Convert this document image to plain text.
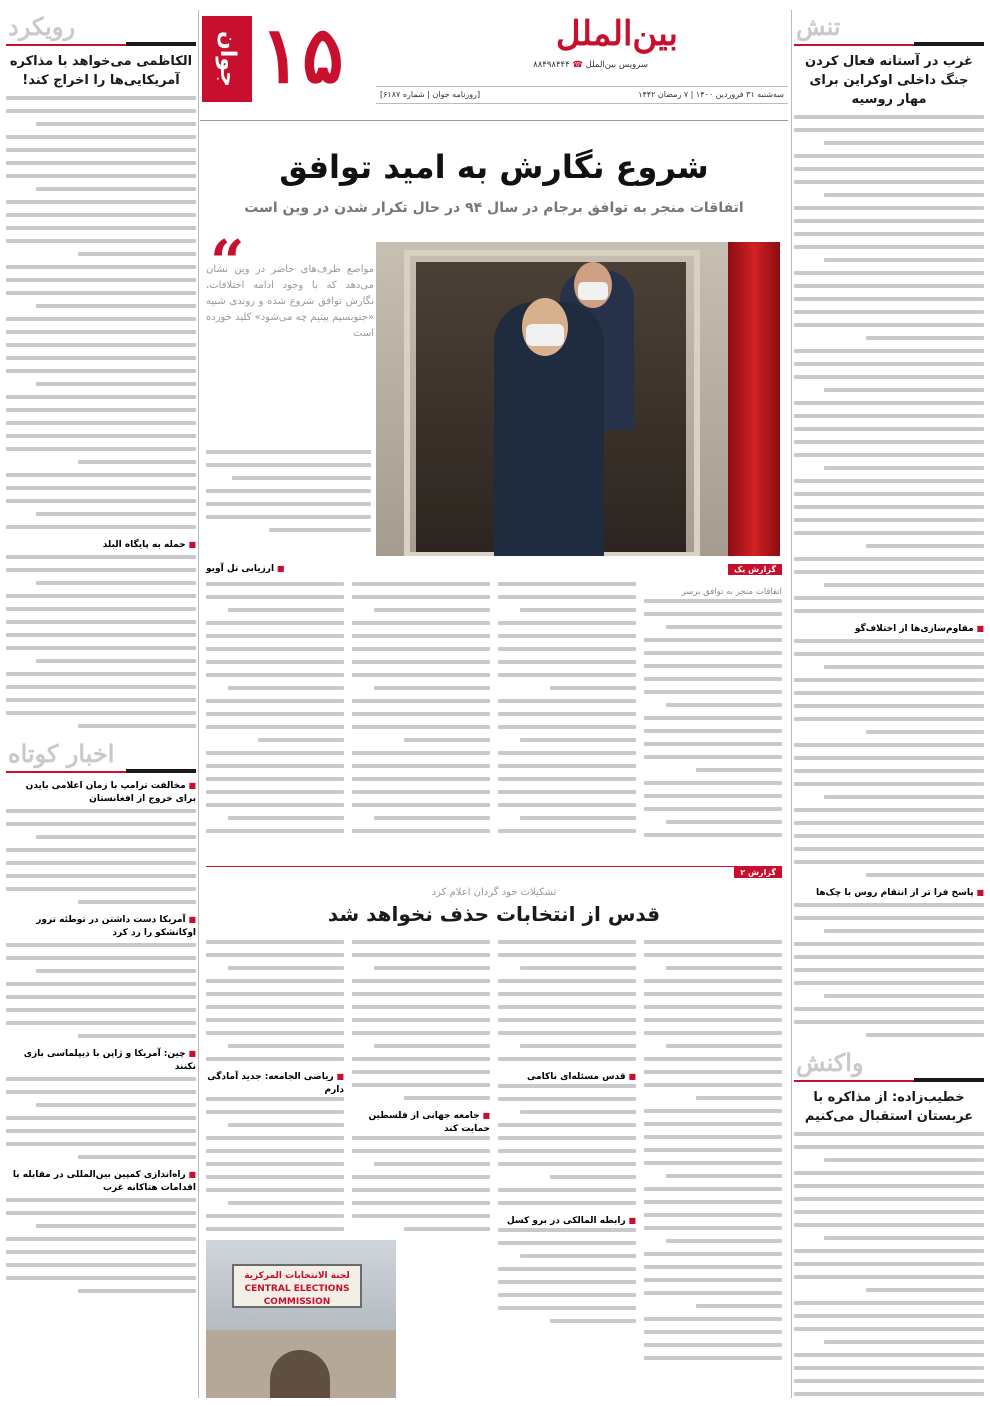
تنش
غرب در آستانه فعال کردن جنگ داخلی اوکراین برای مهار روسیه
■ مقاوم‌سازی‌ها از اختلاف‌گو
■ پاسخ فرا تر از انتقام روس با چک‌ها
واکنش
خطیب‌زاده: از مذاکره با عربستان استقبال می‌کنیم
رویکرد
الکاظمی می‌خواهد با مذاکره آمریکایی‌ها را اخراج کند!
■ حمله به پایگاه البلد
اخبار کوتاه
■ مخالفت ترامپ با زمان اعلامی بایدن برای خروج از افغانستان
■ آمریکا دست داشتن در توطئه ترور اوکانشکو را رد کرد
■ چین: آمریکا و ژاپن با دیپلماسی بازی نکنند
■ راه‌اندازی کمپین بین‌المللی در مقابله با اقدامات هتاکانه غرب
جوان ۱۵	بين‌الملل
سرویس بین‌الملل ☎ ۸۸۴۹۸۴۴۴
سه‌شنبه ۳۱ فروردین ۱۴۰۰ | ۷ رمضان ۱۴۴۲
[روزنامه جوان | شماره ۶۱۸۷]
شروع نگارش به امید توافق
اتفاقات منجر به توافق برجام در سال ۹۴ در حال تکرار شدن در وین است
“
مواضع طرف‌های حاضر در وین نشان می‌دهد که با وجود ادامه اختلافات، نگارش توافق شروع شده و روندی شبیه «جنوبسیم بیتیم چه می‌شود» کلید خورده است
گزارش یک
■ ارزیابی تل آویو
اتفاقات منجر به توافق برسر
گزارش ۲
تشکیلات خود گردان اعلام کرد
قدس از انتخابات حذف نخواهد شد
■ قدس مسئله‌ای ناکامی
■ رابطه المالکی در برو کسل
■ جامعه جهانی از فلسطین حمایت کند
■ ریاضی الجامعه: جدید آمادگی دارم
لجنة الانتخابات المركزية
CENTRAL ELECTIONS COMMISSION
